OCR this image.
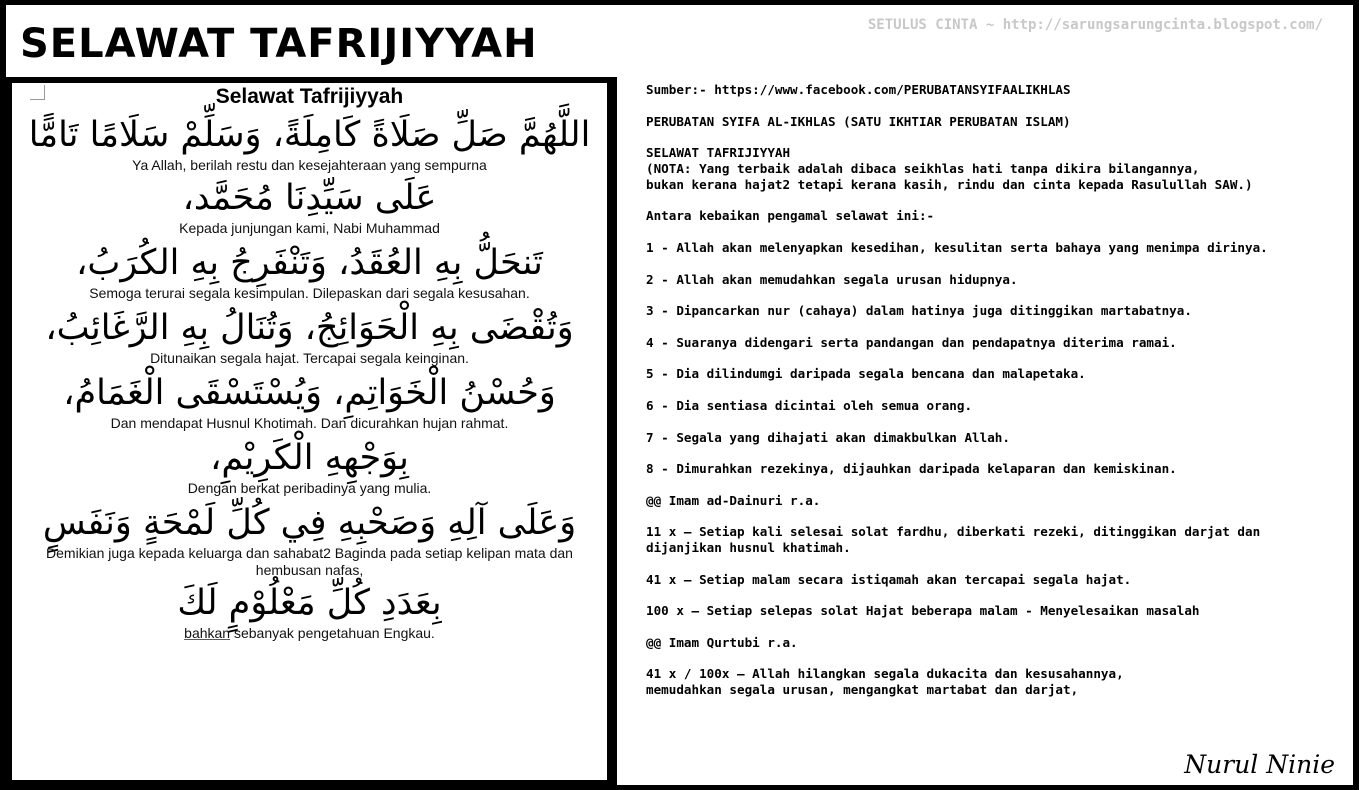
SELAWAT TAFRIJIYYAH
Selawat Tafrijiyyah
اللَّهُمَّ صَلِّ صَلَاةً كَامِلَةً، وَسَلِّمْ سَلَامًا تَامًّا
Ya Allah, berilah restu dan kesejahteraan yang sempurna
عَلَى سَيِّدِنَا مُحَمَّد،
Kepada junjungan kami, Nabi Muhammad
تَنحَلُّ بِهِ العُقَدُ، وَتَنْفَرِجُ بِهِ الكُرَبُ،
Semoga terurai segala kesimpulan. Dilepaskan dari segala kesusahan.
وَتُقْضَى بِهِ الْحَوَائِجُ، وَتُنَالُ بِهِ الرَّغَائِبُ،
Ditunaikan segala hajat. Tercapai segala keinginan.
وَحُسْنُ الْخَوَاتِمِ، وَيُسْتَسْقَى الْغَمَامُ،
Dan mendapat Husnul Khotimah. Dan dicurahkan hujan rahmat.
بِوَجْهِهِ الْكَرِيْمِ،
Dengan berkat peribadinya yang mulia.
وَعَلَى آلِهِ وَصَحْبِهِ فِي كُلِّ لَمْحَةٍ وَنَفَسٍ
Demikian juga kepada keluarga dan sahabat2 Baginda pada setiap kelipan mata dan hembusan nafas,
بِعَدَدِ كُلِّ مَعْلُوْمٍ لَكَ
bahkan sebanyak pengetahuan Engkau.
SETULUS CINTA ~ http://sarungsarungcinta.blogspot.com/
Sumber:- https://www.facebook.com/PERUBATANSYIFAALIKHLAS

PERUBATAN SYIFA AL-IKHLAS (SATU IKHTIAR PERUBATAN ISLAM)

SELAWAT TAFRIJIYYAH
(NOTA: Yang terbaik adalah dibaca seikhlas hati tanpa dikira bilangannya,
bukan kerana hajat2 tetapi kerana kasih, rindu dan cinta kepada Rasulullah SAW.)

Antara kebaikan pengamal selawat ini:-

1 - Allah akan melenyapkan kesedihan, kesulitan serta bahaya yang menimpa dirinya.

2 - Allah akan memudahkan segala urusan hidupnya.

3 - Dipancarkan nur (cahaya) dalam hatinya juga ditinggikan martabatnya.

4 - Suaranya didengari serta pandangan dan pendapatnya diterima ramai.

5 - Dia dilindumgi daripada segala bencana dan malapetaka.

6 - Dia sentiasa dicintai oleh semua orang.

7 - Segala yang dihajati akan dimakbulkan Allah.

8 - Dimurahkan rezekinya, dijauhkan daripada kelaparan dan kemiskinan.

@@ Imam ad-Dainuri r.a.

11 x – Setiap kali selesai solat fardhu, diberkati rezeki, ditinggikan darjat dan
dijanjikan husnul khatimah.

41 x – Setiap malam secara istiqamah akan tercapai segala hajat.

100 x – Setiap selepas solat Hajat beberapa malam - Menyelesaikan masalah

@@ Imam Qurtubi r.a.

41 x / 100x – Allah hilangkan segala dukacita dan kesusahannya,
memudahkan segala urusan, mengangkat martabat dan darjat,
Nurul Ninie
